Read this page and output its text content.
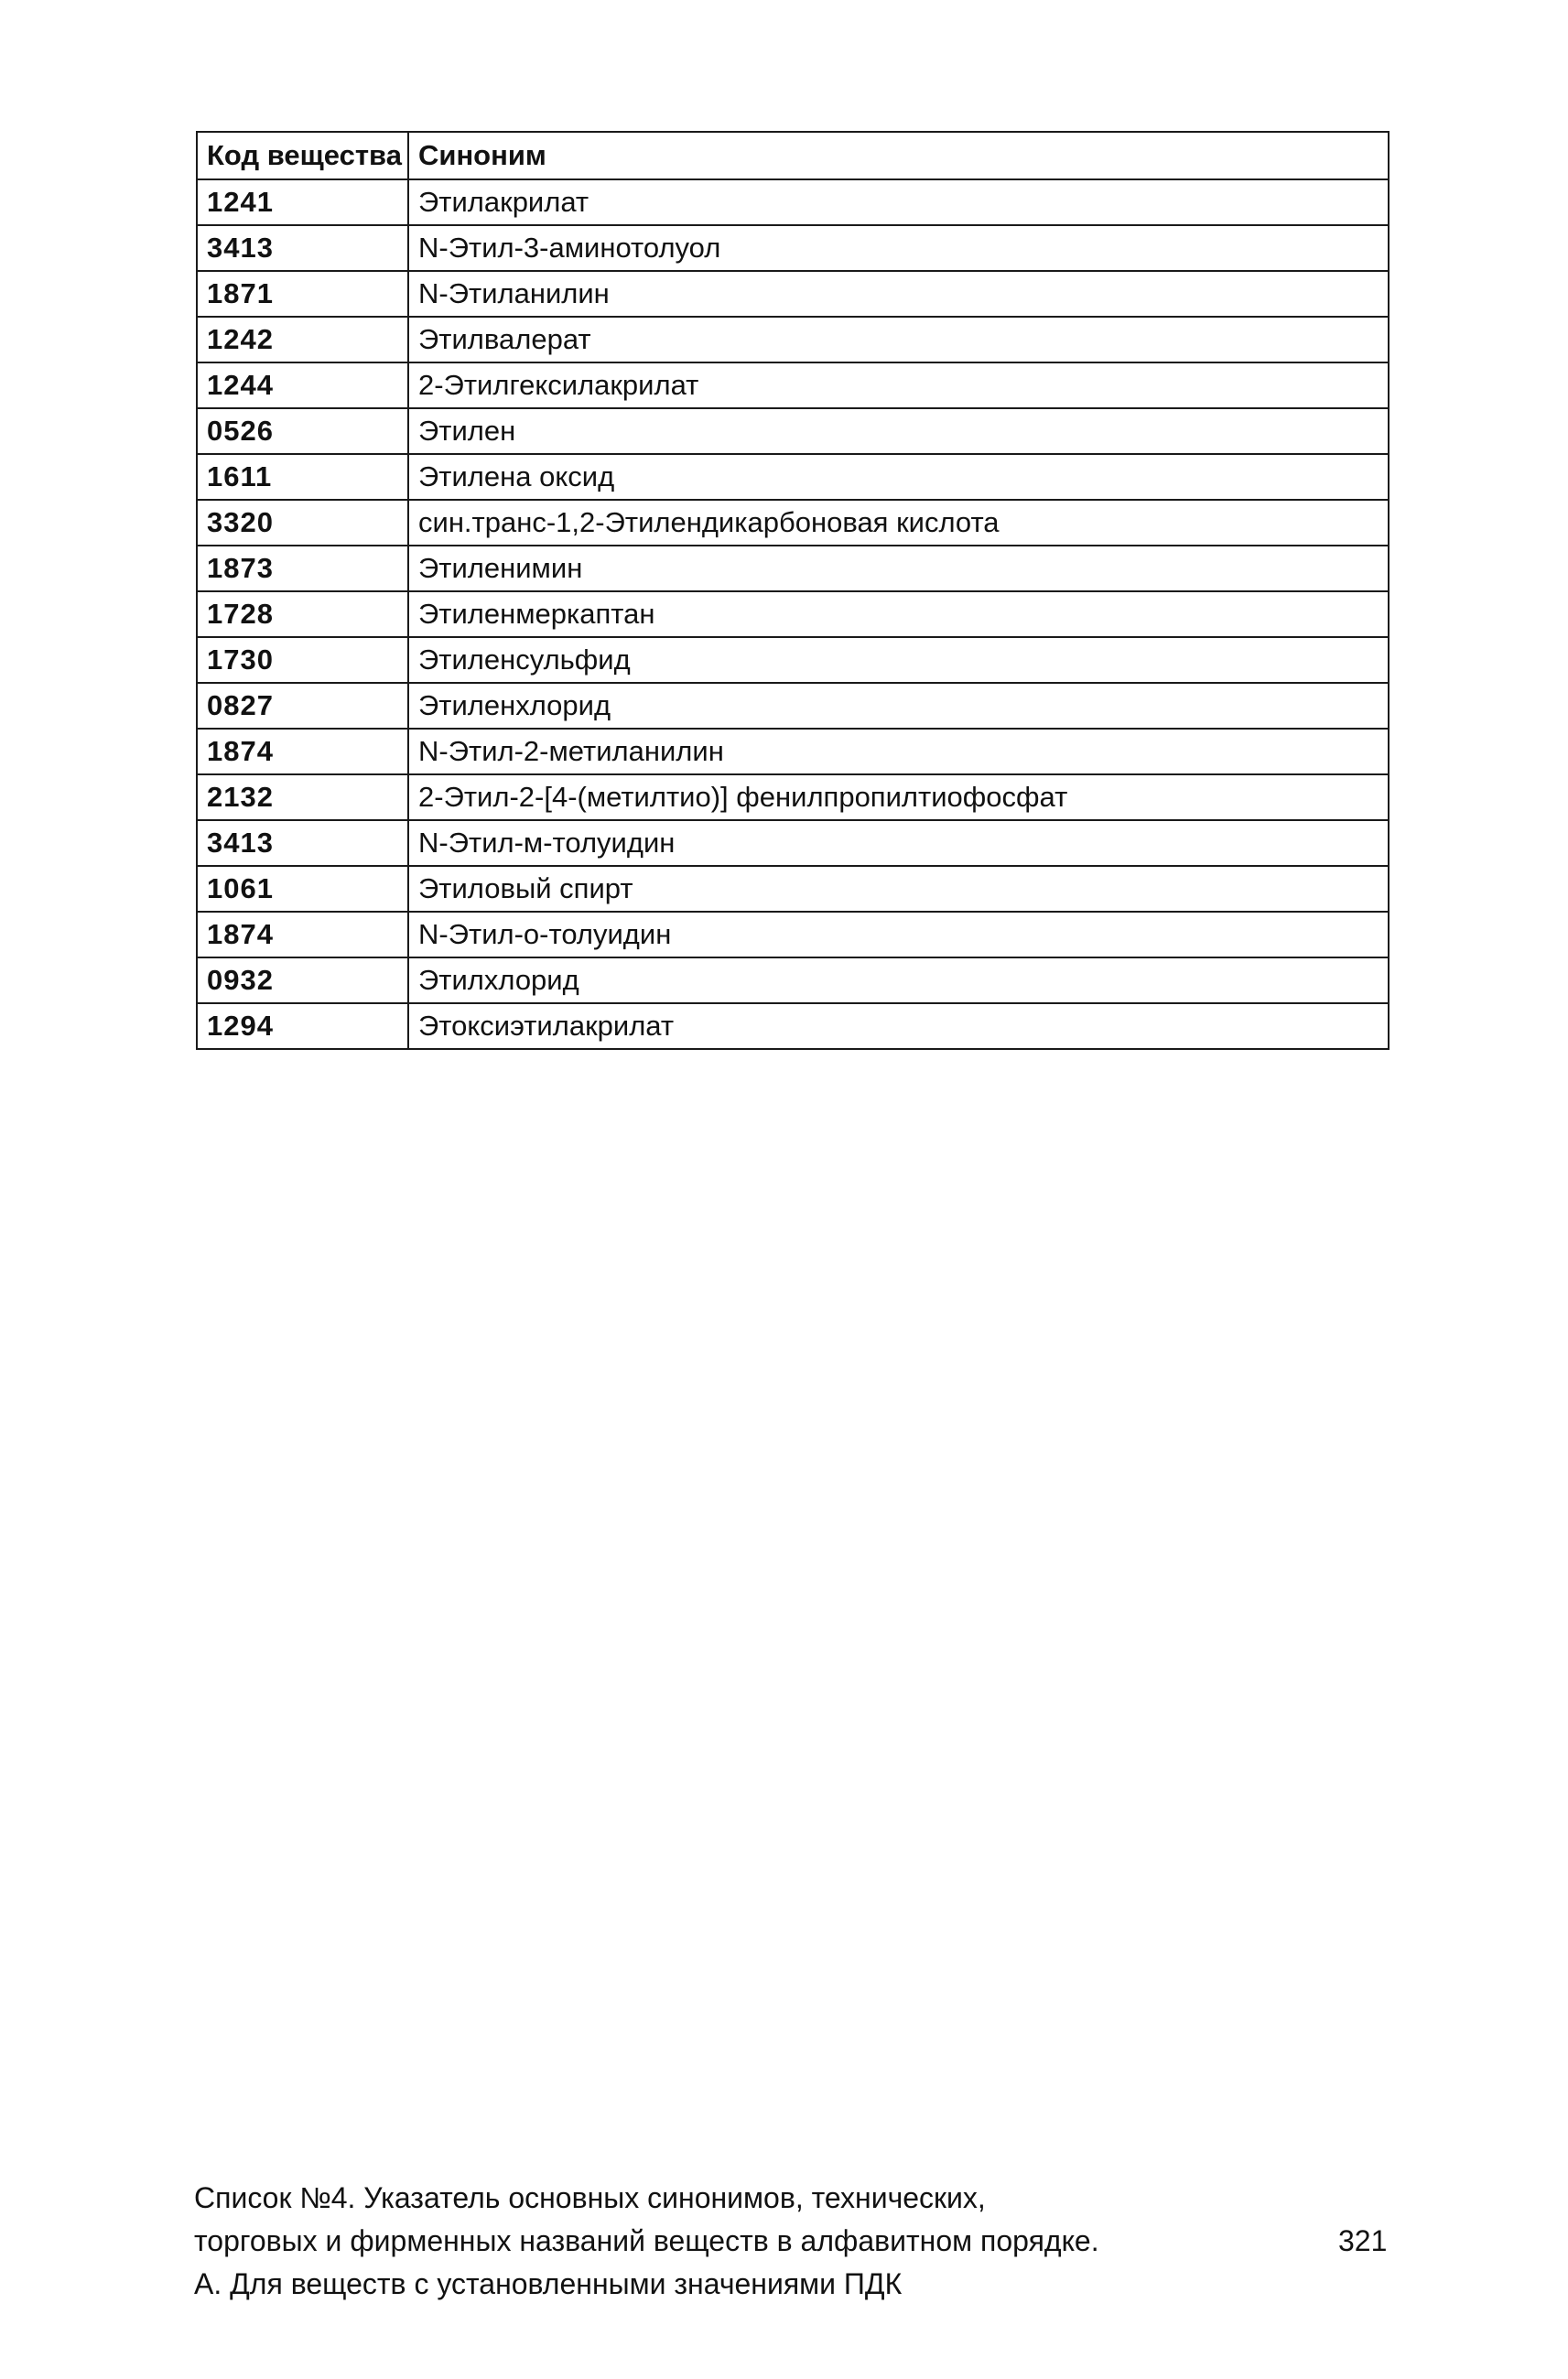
Код вещества	Синоним
1241	Этилакрилат
3413	N-Этил-3-аминотолуол
1871	N-Этиланилин
1242	Этилвалерат
1244	2-Этилгексилакрилат
0526	Этилен
1611	Этилена оксид
3320	син.транс-1,2-Этилендикарбоновая кислота
1873	Этиленимин
1728	Этиленмеркаптан
1730	Этиленсульфид
0827	Этиленхлорид
1874	N-Этил-2-метиланилин
2132	2-Этил-2-[4-(метилтио)] фенилпропилтиофосфат
3413	N-Этил-м-толуидин
1061	Этиловый спирт
1874	N-Этил-о-толуидин
0932	Этилхлорид
1294	Этоксиэтилакрилат
Список №4. Указатель основных синонимов, технических,
торговых и фирменных названий веществ в алфавитном порядке.
А. Для веществ с установленными значениями ПДК
321
